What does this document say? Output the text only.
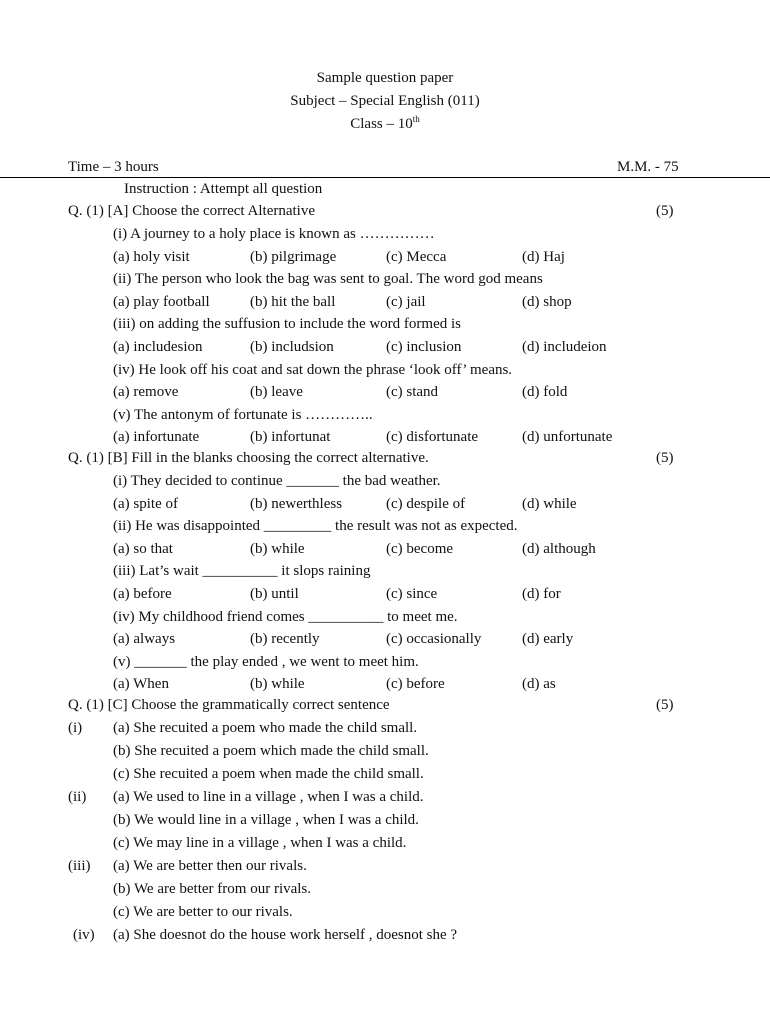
Sample question paper
Subject – Special English (011)
Class – 10th
Time – 3 hours	M.M. - 75
Instruction : Attempt all question
Q. (1) [A] Choose the correct Alternative	(5)
(i) A journey to a holy place is known as ……………
(a) holy visit	(b) pilgrimage	(c) Mecca	(d) Haj
(ii) The person who look the bag was sent to goal. The word god means
(a) play football	(b) hit the ball	(c) jail	(d) shop
(iii) on adding the suffusion to include the word formed is
(a) includesion	(b) includsion	(c) inclusion	(d) includeion
(iv) He look off his coat and sat down the phrase ‘look off’ means.
(a) remove	(b) leave	(c) stand	(d) fold
(v) The antonym of fortunate is …………..
(a) infortunate	(b) infortunat	(c) disfortunate	(d) unfortunate
Q. (1) [B] Fill in the blanks choosing the correct alternative.	(5)
(i) They decided to continue _______ the bad weather.
(a) spite of	(b) newerthless	(c) despile of	(d) while
(ii) He was disappointed _________ the result was not as expected.
(a) so that	(b) while	(c) become	(d) although
(iii) Lat’s wait __________ it slops raining
(a) before	(b) until	(c) since	(d) for
(iv) My childhood friend comes __________ to meet me.
(a) always	(b) recently	(c) occasionally	(d) early
(v) _______ the play ended , we went to meet him.
(a) When	(b) while	(c) before	(d) as
Q. (1) [C] Choose the grammatically correct sentence	(5)
(i) (a) She recuited a poem who made the child small.
(b) She recuited a poem which made the child small.
(c) She recuited a poem when made the child small.
(ii) (a) We used to line in a village , when I was a child.
(b) We would line in a village , when I was a child.
(c) We may line in a village , when I was a child.
(iii) (a) We are better then our rivals.
(b) We are better from our rivals.
(c) We are better to our rivals.
(iv) (a) She doesnot do the house work herself , doesnot she ?
